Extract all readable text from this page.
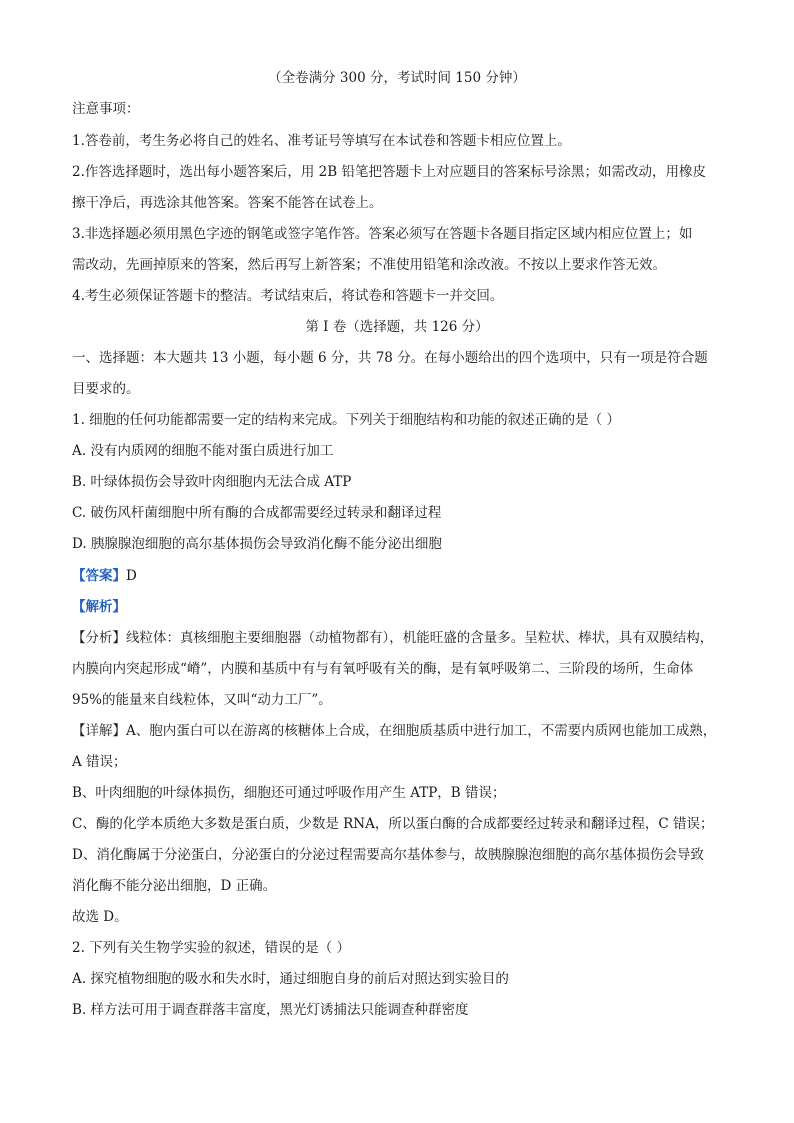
（全卷满分 300 分，考试时间 150 分钟）
注意事项：
1.答卷前，考生务必将自己的姓名、准考证号等填写在本试卷和答题卡相应位置上。
2.作答选择题时，选出每小题答案后，用 2B 铅笔把答题卡上对应题目的答案标号涂黑；如需改动，用橡皮
擦干净后，再选涂其他答案。答案不能答在试卷上。
3.非选择题必须用黑色字迹的钢笔或签字笔作答。答案必须写在答题卡各题目指定区域内相应位置上；如
需改动，先画掉原来的答案，然后再写上新答案；不准使用铅笔和涂改液。不按以上要求作答无效。
4.考生必须保证答题卡的整洁。考试结束后，将试卷和答题卡一并交回。
第 I 卷（选择题，共 126 分）
一、选择题：本大题共 13 小题，每小题 6 分，共 78 分。在每小题给出的四个选项中，只有一项是符合题
目要求的。
1. 细胞的任何功能都需要一定的结构来完成。下列关于细胞结构和功能的叙述正确的是（ ）
A. 没有内质网的细胞不能对蛋白质进行加工
B. 叶绿体损伤会导致叶肉细胞内无法合成 ATP
C. 破伤风杆菌细胞中所有酶的合成都需要经过转录和翻译过程
D. 胰腺腺泡细胞的高尔基体损伤会导致消化酶不能分泌出细胞
【答案】D
【解析】
【分析】线粒体：真核细胞主要细胞器（动植物都有），机能旺盛的含量多。呈粒状、棒状，具有双膜结构，
内膜向内突起形成“嵴”，内膜和基质中有与有氧呼吸有关的酶，是有氧呼吸第二、三阶段的场所，生命体
95%的能量来自线粒体，又叫“动力工厂”。
【详解】A、胞内蛋白可以在游离的核糖体上合成，在细胞质基质中进行加工，不需要内质网也能加工成熟，
A 错误；
B、叶肉细胞的叶绿体损伤，细胞还可通过呼吸作用产生 ATP，B 错误；
C、酶的化学本质绝大多数是蛋白质，少数是 RNA，所以蛋白酶的合成都要经过转录和翻译过程，C 错误；
D、消化酶属于分泌蛋白，分泌蛋白的分泌过程需要高尔基体参与，故胰腺腺泡细胞的高尔基体损伤会导致
消化酶不能分泌出细胞，D 正确。
故选 D。
2. 下列有关生物学实验的叙述，错误的是（ ）
A. 探究植物细胞的吸水和失水时，通过细胞自身的前后对照达到实验目的
B. 样方法可用于调查群落丰富度，黑光灯诱捕法只能调查种群密度
